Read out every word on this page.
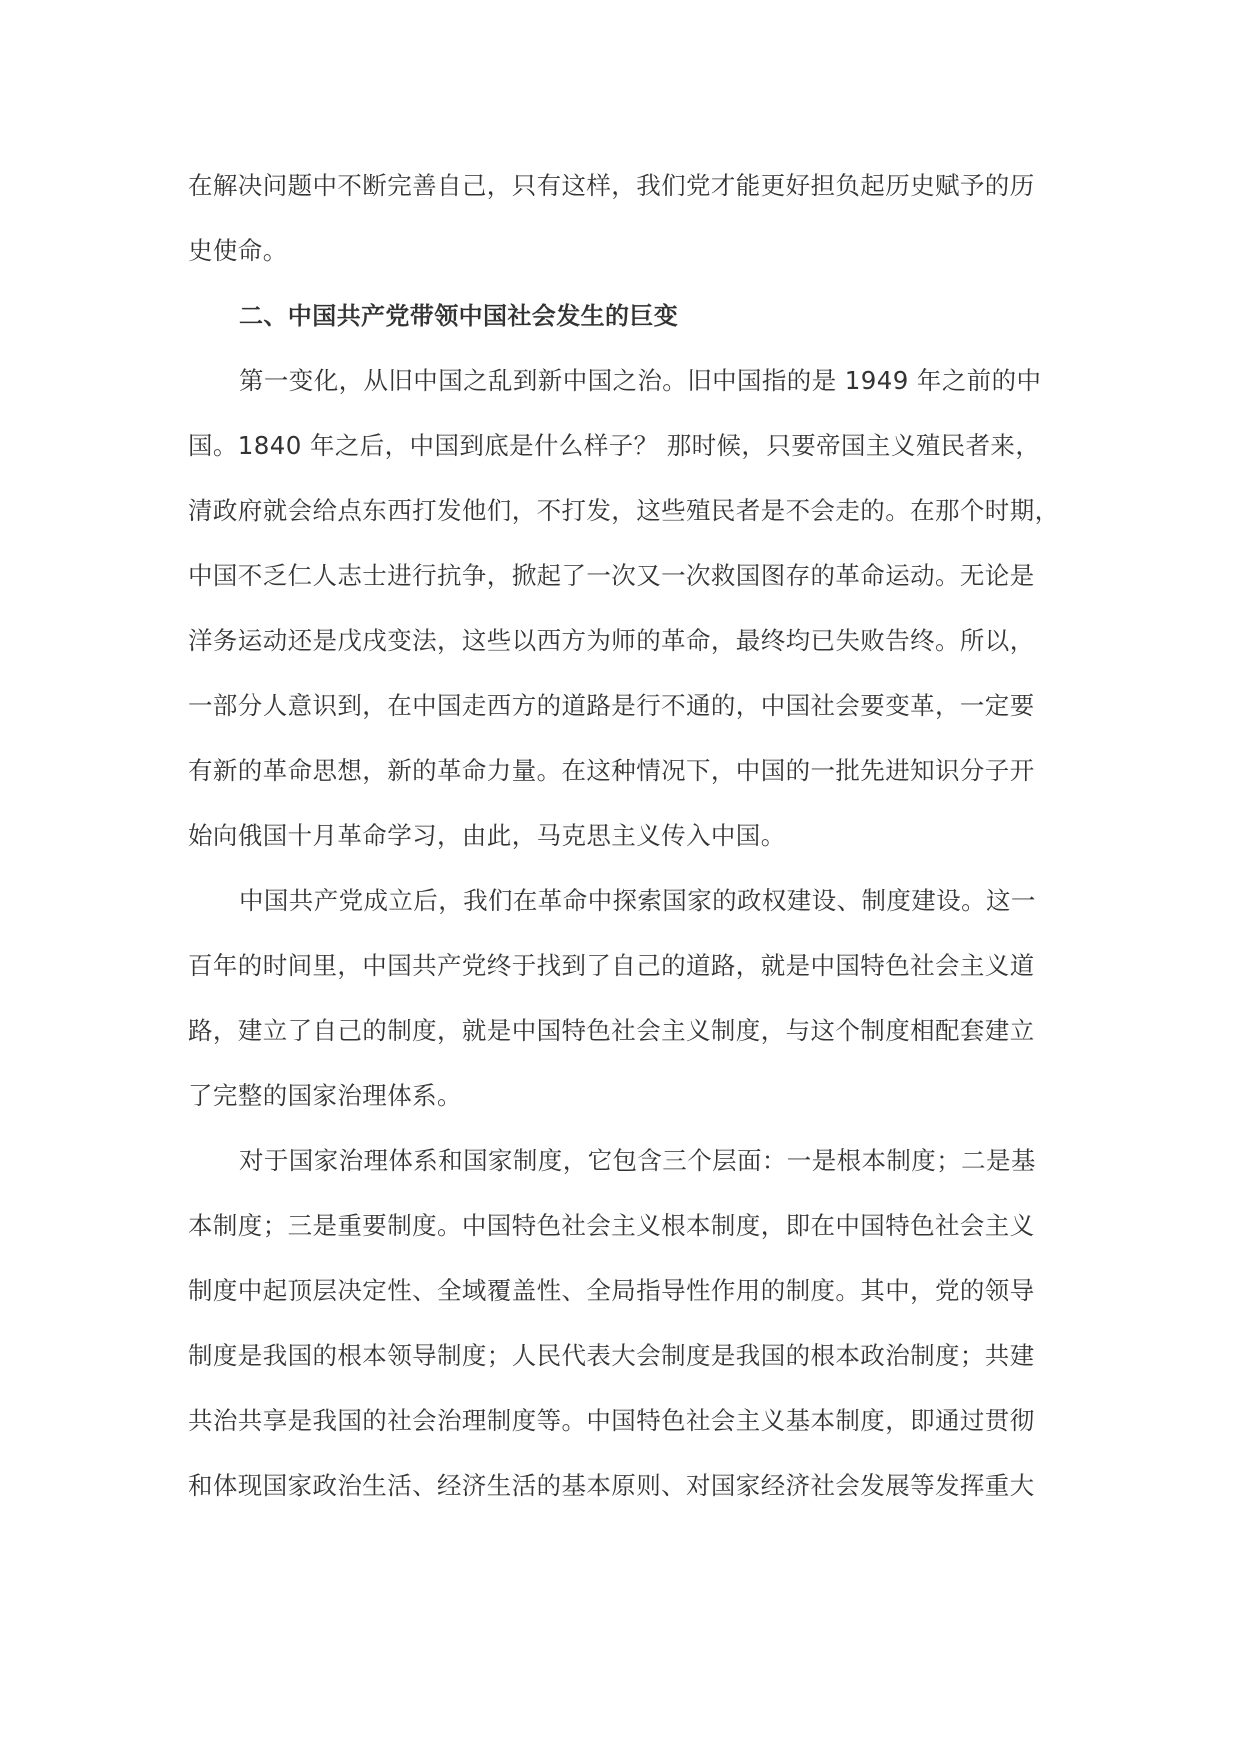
在解决问题中不断完善自己，只有这样，我们党才能更好担负起历史赋予的历
史使命。
二、中国共产党带领中国社会发生的巨变
第一变化，从旧中国之乱到新中国之治。旧中国指的是 1949 年之前的中
国。1840 年之后，中国到底是什么样子？ 那时候，只要帝国主义殖民者来，
清政府就会给点东西打发他们，不打发，这些殖民者是不会走的。在那个时期，
中国不乏仁人志士进行抗争，掀起了一次又一次救国图存的革命运动。无论是
洋务运动还是戊戌变法，这些以西方为师的革命，最终均已失败告终。所以，
一部分人意识到，在中国走西方的道路是行不通的，中国社会要变革，一定要
有新的革命思想，新的革命力量。在这种情况下，中国的一批先进知识分子开
始向俄国十月革命学习，由此，马克思主义传入中国。
中国共产党成立后，我们在革命中探索国家的政权建设、制度建设。这一
百年的时间里，中国共产党终于找到了自己的道路，就是中国特色社会主义道
路，建立了自己的制度，就是中国特色社会主义制度，与这个制度相配套建立
了完整的国家治理体系。
对于国家治理体系和国家制度，它包含三个层面：一是根本制度；二是基
本制度；三是重要制度。中国特色社会主义根本制度，即在中国特色社会主义
制度中起顶层决定性、全域覆盖性、全局指导性作用的制度。其中，党的领导
制度是我国的根本领导制度；人民代表大会制度是我国的根本政治制度；共建
共治共享是我国的社会治理制度等。中国特色社会主义基本制度，即通过贯彻
和体现国家政治生活、经济生活的基本原则、对国家经济社会发展等发挥重大
